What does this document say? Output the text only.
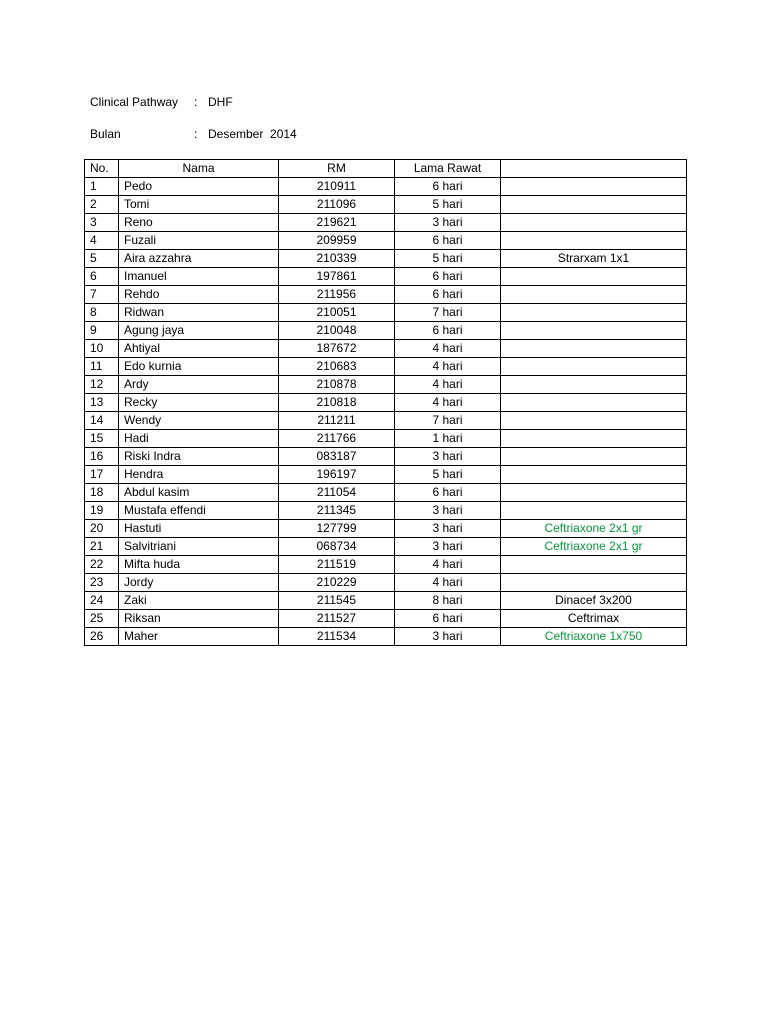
Clinical Pathway : DHF
Bulan	: Desember  2014
No.	Nama	RM	Lama Rawat	
1	Pedo	210911	6 hari	
2	Tomi	211096	5 hari	
3	Reno	219621	3 hari	
4	Fuzali	209959	6 hari	
5	Aira azzahra	210339	5 hari	Strarxam 1x1
6	Imanuel	197861	6 hari	
7	Rehdo	211956	6 hari	
8	Ridwan	210051	7 hari	
9	Agung jaya	210048	6 hari	
10	Ahtiyal	187672	4 hari	
11	Edo kurnia	210683	4 hari	
12	Ardy	210878	4 hari	
13	Recky	210818	4 hari	
14	Wendy	211211	7 hari	
15	Hadi	211766	1 hari	
16	Riski Indra	083187	3 hari	
17	Hendra	196197	5 hari	
18	Abdul kasim	211054	6 hari	
19	Mustafa effendi	211345	3 hari	
20	Hastuti	127799	3 hari	Ceftriaxone 2x1 gr
21	Salvitriani	068734	3 hari	Ceftriaxone 2x1 gr
22	Mifta huda	211519	4 hari	
23	Jordy	210229	4 hari	
24	Zaki	211545	8 hari	Dinacef 3x200
25	Riksan	211527	6 hari	Ceftrimax
26	Maher	211534	3 hari	Ceftriaxone 1x750
